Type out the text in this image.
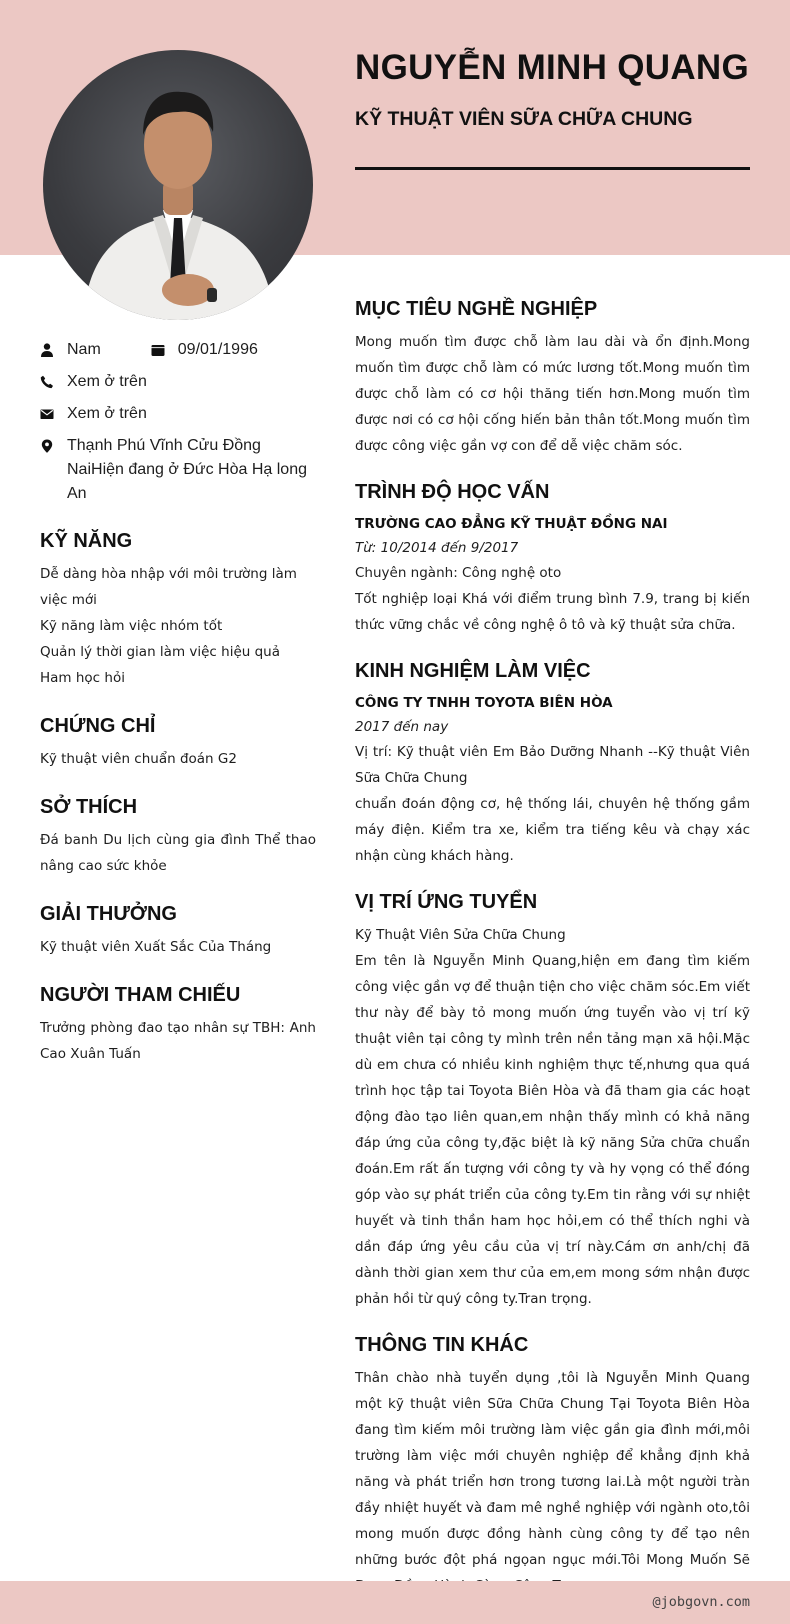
NGUYỄN MINH QUANG
KỸ THUẬT VIÊN SỮA CHỮA CHUNG
Nam	09/01/1996
Xem ở trên
Xem ở trên
Thạnh Phú Vĩnh Cửu Đồng NaiHiện đang ở Đức Hòa Hạ long An
KỸ NĂNG

Dễ dàng hòa nhập với môi trường làm việc mới

Kỹ năng làm việc nhóm tốt

Quản lý thời gian làm việc hiệu quả

Ham học hỏi

CHỨNG CHỈ

Kỹ thuật viên chuẩn đoán G2

SỞ THÍCH

Đá banh Du lịch cùng gia đình Thể thao nâng cao sức khỏe

GIẢI THƯỞNG

Kỹ thuật viên Xuất Sắc Của Tháng

NGƯỜI THAM CHIẾU

Trưởng phòng đao tạo nhân sự TBH: Anh Cao Xuân Tuấn

MỤC TIÊU NGHỀ NGHIỆP

Mong muốn tìm được chỗ làm lau dài và ổn định.Mong muốn tìm được chỗ làm có mức lương tốt.Mong muốn tìm được chỗ làm có cơ hội thăng tiến hơn.Mong muốn tìm được nơi có cơ hội cống hiến bản thân tốt.Mong muốn tìm được công việc gần vợ con để dễ việc chăm sóc.

TRÌNH ĐỘ HỌC VẤN

TRƯỜNG CAO ĐẲNG KỸ THUẬT ĐỒNG NAI

Từ: 10/2014 đến 9/2017

Chuyên ngành: Công nghệ oto

Tốt nghiệp loại Khá với điểm trung bình 7.9, trang bị kiến thức vững chắc về công nghệ ô tô và kỹ thuật sửa chữa.

KINH NGHIỆM LÀM VIỆC

CÔNG TY TNHH TOYOTA BIÊN HÒA

2017 đến nay

Vị trí: Kỹ thuật viên Em Bảo Dưỡng Nhanh --Kỹ thuật Viên Sữa Chữa Chung

chuẩn đoán động cơ, hệ thống lái, chuyên hệ thống gầm máy điện. Kiểm tra xe, kiểm tra tiếng kêu và chạy xác nhận cùng khách hàng.

VỊ TRÍ ỨNG TUYỂN

Kỹ Thuật Viên Sửa Chữa Chung

Em tên là Nguyễn Minh Quang,hiện em đang tìm kiếm công việc gần vợ để thuận tiện cho việc chăm sóc.Em viết thư này để bày tỏ mong muốn ứng tuyển vào vị trí kỹ thuật viên tại công ty mình trên nền tảng mạn xã hội.Mặc dù em chưa có nhiều kinh nghiệm thực tế,nhưng qua quá trình học tập tai Toyota Biên Hòa và đã tham gia các hoạt động đào tạo liên quan,em nhận thấy mình có khả năng đáp ứng của công ty,đặc biệt là kỹ năng Sửa chữa chuẩn đoán.Em rất ấn tượng với công ty và hy vọng có thể đóng góp vào sự phát triển của công ty.Em tin rằng với sự nhiệt huyết và tinh thần ham học hỏi,em có thể thích nghi và dần đáp ứng yêu cầu của vị trí này.Cám ơn anh/chị đã dành thời gian xem thư của em,em mong sớm nhận được phản hồi từ quý công ty.Tran trọng.

THÔNG TIN KHÁC

Thân chào nhà tuyển dụng ,tôi là Nguyễn Minh Quang một kỹ thuật viên Sữa Chữa Chung Tại Toyota Biên Hòa đang tìm kiếm môi trường làm việc gần gia đình mới,môi trường làm việc mới chuyên nghiệp để khẳng định khả năng và phát triển hơn trong tương lai.Là một người tràn đầy nhiệt huyết và đam mê nghề nghiệp với ngành oto,tôi mong muốn được đồng hành cùng công ty để tạo nên những bước đột phá ngọan ngục mới.Tôi Mong Muốn Sẽ

@jobgovn.com
